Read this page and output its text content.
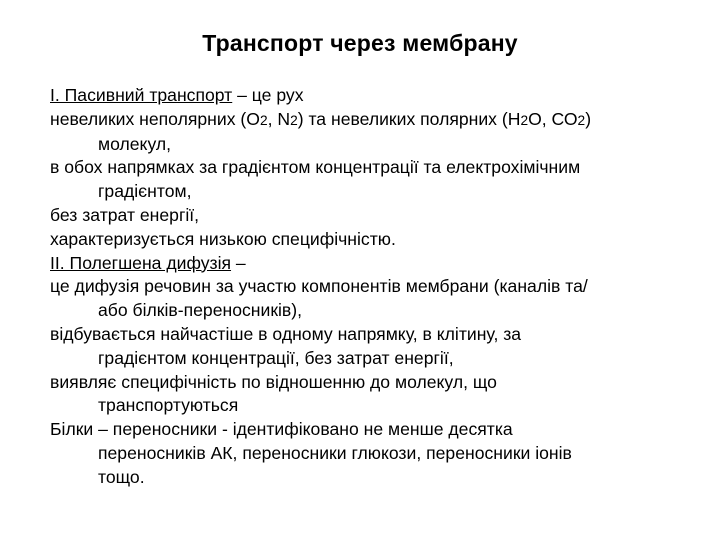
Транспорт через мембрану
І. Пасивний транспорт – це рух
невеликих неполярних (О2, N2) та невеликих полярних (Н2О, СО2)
молекул,
в обох напрямках за градієнтом концентрації та електрохімічним
градієнтом,
без затрат енергії,
характеризується низькою специфічністю.
ІІ. Полегшена дифузія –
це дифузія речовин за участю компонентів мембрани (каналів та/
або білків-переносників),
відбувається найчастіше в одному напрямку, в клітину, за
градієнтом концентрації, без затрат енергії,
виявляє специфічність по відношенню до молекул, що
транспортуються
Білки – переносники - ідентифіковано не менше десятка
переносників АК, переносники глюкози, переносники іонів
тощо.
